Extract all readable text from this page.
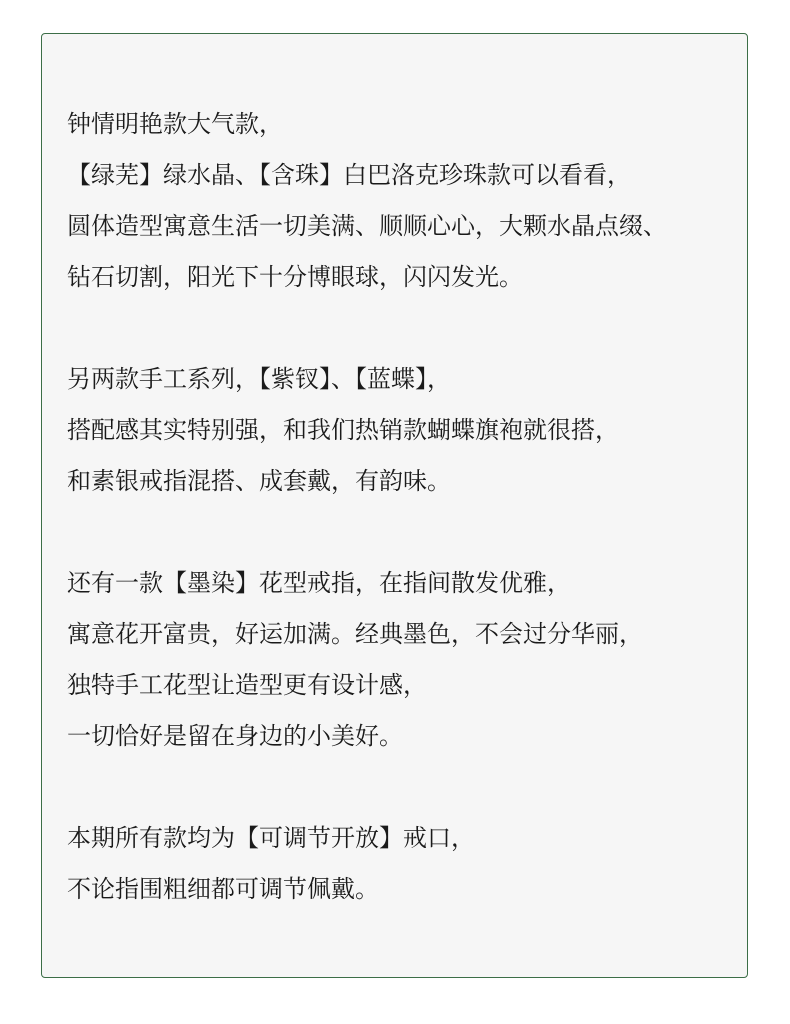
钟情明艳款大气款，
【绿芜】绿水晶、【含珠】白巴洛克珍珠款可以看看，
圆体造型寓意生活一切美满、顺顺心心，大颗水晶点缀、
钻石切割，阳光下十分博眼球，闪闪发光。
另两款手工系列，【紫钗】、【蓝蝶】，
搭配感其实特别强，和我们热销款蝴蝶旗袍就很搭，
和素银戒指混搭、成套戴，有韵味。
还有一款【墨染】花型戒指，在指间散发优雅，
寓意花开富贵，好运加满。经典墨色，不会过分华丽，
独特手工花型让造型更有设计感，
一切恰好是留在身边的小美好。
本期所有款均为【可调节开放】戒口，
不论指围粗细都可调节佩戴。
